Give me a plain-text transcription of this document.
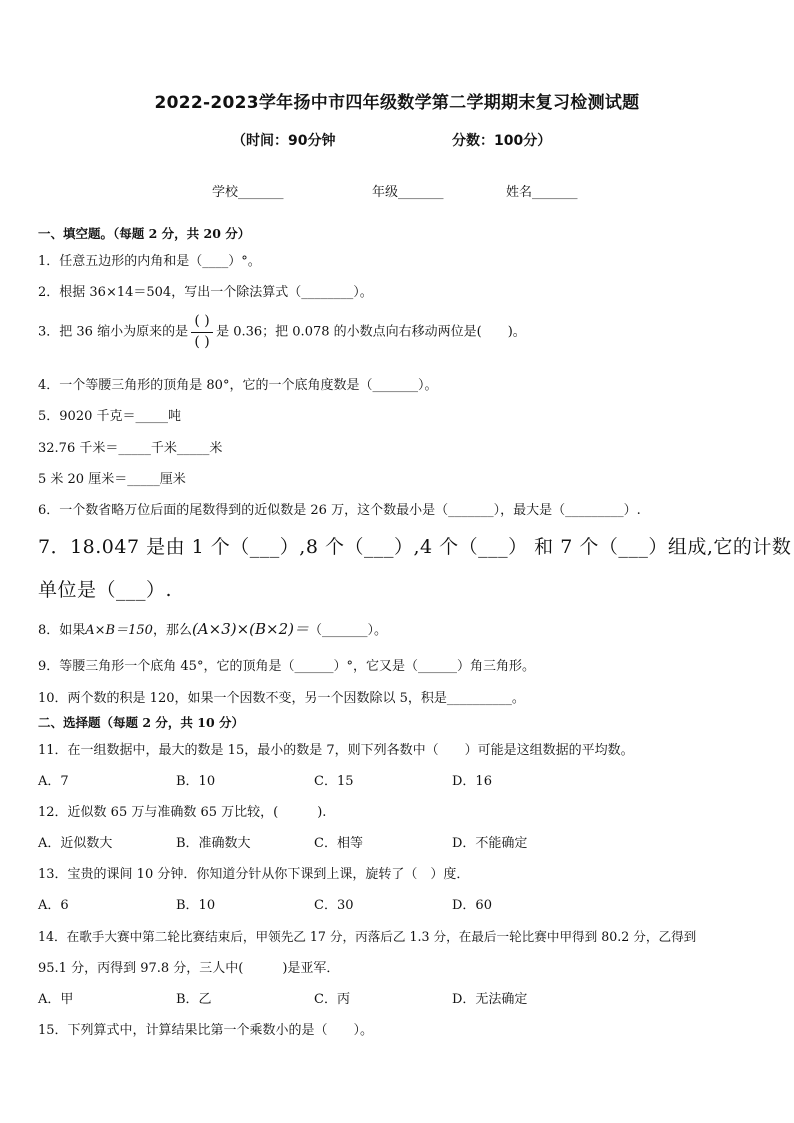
2022-2023学年扬中市四年级数学第二学期期末复习检测试题
（时间：90分钟	分数：100分）
学校_______	年级_______	姓名_______
一、填空题。（每题 2 分，共 20 分）
1．任意五边形的内角和是（____）°。
2．根据 36×14＝504，写出一个除法算式（________）。
3．把 36 缩小为原来的是 $\frac{( )}{( )}$ 是 0.36；把 0.078 的小数点向右移动两位是(　　)。
4．一个等腰三角形的顶角是 80°，它的一个底角度数是（_______）。
5．9020 千克＝_____吨
32.76 千米＝_____千米_____米
5 米 20 厘米＝_____厘米
6．一个数省略万位后面的尾数得到的近似数是 26 万，这个数最小是（_______），最大是（_________）.
7．18.047 是由 1 个（___）,8 个（___）,4 个（___） 和 7 个（___）组成,它的计数
单位是（___）.
8．如果A×B＝150，那么(A×3)×(B×2)＝（_______）。
9．等腰三角形一个底角 45°，它的顶角是（______）°，它又是（______）角三角形。
10．两个数的积是 120，如果一个因数不变，另一个因数除以 5，积是__________。
二、选择题（每题 2 分，共 10 分）
11．在一组数据中，最大的数是 15，最小的数是 7，则下列各数中（　　）可能是这组数据的平均数。
A．7	B．10	C．15	D．16
12．近似数 65 万与准确数 65 万比较，(　　　).
A．近似数大	B．准确数大	C．相等	D．不能确定
13．宝贵的课间 10 分钟．你知道分针从你下课到上课，旋转了（　）度．
A．6	B．10	C．30	D．60
14．在歌手大赛中第二轮比赛结束后，甲领先乙 17 分，丙落后乙 1.3 分，在最后一轮比赛中甲得到 80.2 分，乙得到
95.1 分，丙得到 97.8 分，三人中(　　　)是亚军．
A．甲	B．乙	C．丙	D．无法确定
15．下列算式中，计算结果比第一个乘数小的是（　　）。
